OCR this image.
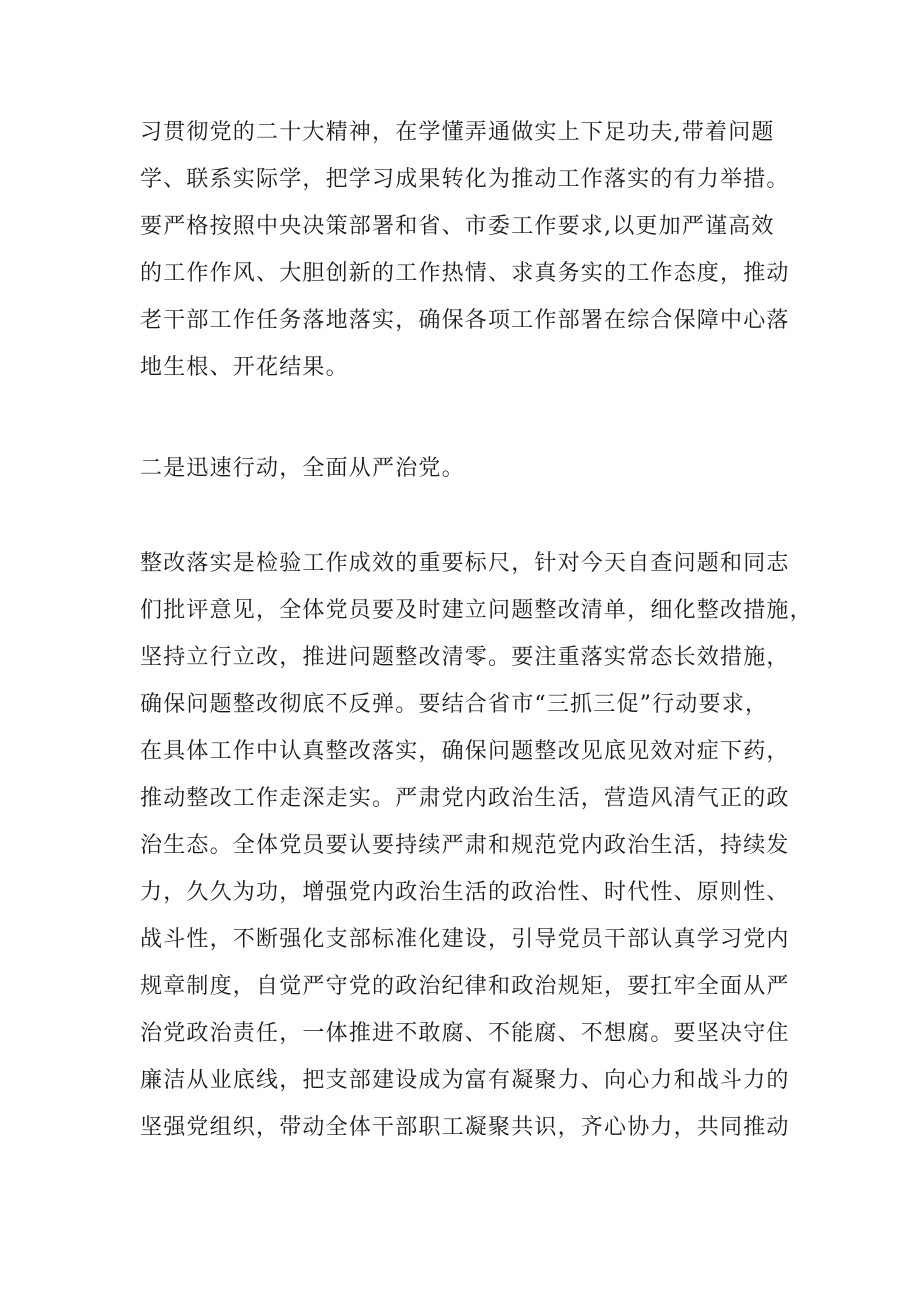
习贯彻党的二十大精神，在学懂弄通做实上下足功夫,带着问题
学、联系实际学，把学习成果转化为推动工作落实的有力举措。
要严格按照中央决策部署和省、市委工作要求,以更加严谨高效
的工作作风、大胆创新的工作热情、求真务实的工作态度，推动
老干部工作任务落地落实，确保各项工作部署在综合保障中心落
地生根、开花结果。
二是迅速行动，全面从严治党。
整改落实是检验工作成效的重要标尺，针对今天自查问题和同志
们批评意见，全体党员要及时建立问题整改清单，细化整改措施，
坚持立行立改，推进问题整改清零。要注重落实常态长效措施，
确保问题整改彻底不反弹。要结合省市“三抓三促”行动要求，
在具体工作中认真整改落实，确保问题整改见底见效对症下药，
推动整改工作走深走实。严肃党内政治生活，营造风清气正的政
治生态。全体党员要认要持续严肃和规范党内政治生活，持续发
力，久久为功，增强党内政治生活的政治性、时代性、原则性、
战斗性，不断强化支部标准化建设，引导党员干部认真学习党内
规章制度，自觉严守党的政治纪律和政治规矩，要扛牢全面从严
治党政治责任，一体推进不敢腐、不能腐、不想腐。要坚决守住
廉洁从业底线，把支部建设成为富有凝聚力、向心力和战斗力的
坚强党组织，带动全体干部职工凝聚共识，齐心协力，共同推动
